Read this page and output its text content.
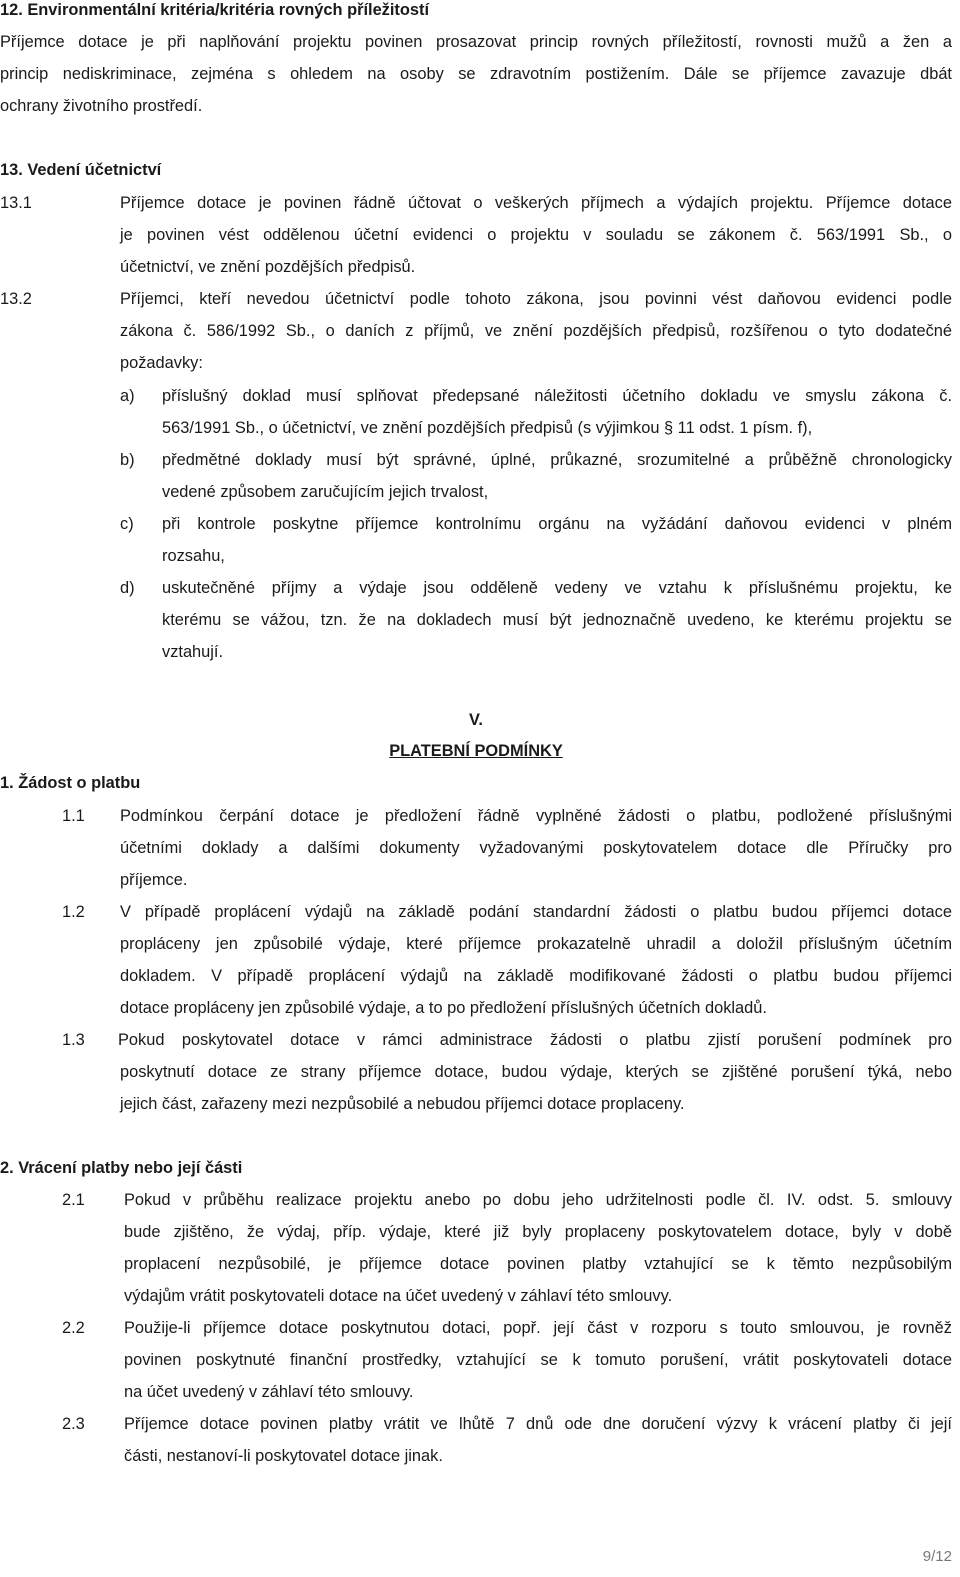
12. Environmentální kritéria/kritéria rovných příležitostí
Příjemce dotace je při naplňování projektu povinen prosazovat princip rovných příležitostí, rovnosti mužů a žen a
princip nediskriminace, zejména s ohledem na osoby se zdravotním postižením. Dále se příjemce zavazuje dbát
ochrany životního prostředí.
13. Vedení účetnictví
13.1	Příjemce dotace je povinen řádně účtovat o veškerých příjmech a výdajích projektu. Příjemce dotace
je povinen vést oddělenou účetní evidenci o projektu v souladu se zákonem č. 563/1991 Sb., o
účetnictví, ve znění pozdějších předpisů.
13.2	Příjemci, kteří nevedou účetnictví podle tohoto zákona, jsou povinni vést daňovou evidenci podle
zákona č. 586/1992 Sb., o daních z příjmů, ve znění pozdějších předpisů, rozšířenou o tyto dodatečné
požadavky:
a) příslušný doklad musí splňovat předepsané náležitosti účetního dokladu ve smyslu zákona č.
563/1991 Sb., o účetnictví, ve znění pozdějších předpisů (s výjimkou § 11 odst. 1 písm. f),
b) předmětné doklady musí být správné, úplné, průkazné, srozumitelné a průběžně chronologicky
vedené způsobem zaručujícím jejich trvalost,
c) při kontrole poskytne příjemce kontrolnímu orgánu na vyžádání daňovou evidenci v plném
rozsahu,
d) uskutečněné příjmy a výdaje jsou odděleně vedeny ve vztahu k příslušnému projektu, ke
kterému se vážou, tzn. že na dokladech musí být jednoznačně uvedeno, ke kterému projektu se
vztahují.
V.
PLATEBNÍ PODMÍNKY
1. Žádost o platbu
1.1 Podmínkou čerpání dotace je předložení řádně vyplněné žádosti o platbu, podložené příslušnými
účetními doklady a dalšími dokumenty vyžadovanými poskytovatelem dotace dle Příručky pro
příjemce.
1.2 V případě proplácení výdajů na základě podání standardní žádosti o platbu budou příjemci dotace
propláceny jen způsobilé výdaje, které příjemce prokazatelně uhradil a doložil příslušným účetním
dokladem. V případě proplácení výdajů na základě modifikované žádosti o platbu budou příjemci
dotace propláceny jen způsobilé výdaje, a to po předložení příslušných účetních dokladů.
1.3 Pokud poskytovatel dotace v rámci administrace žádosti o platbu zjistí porušení podmínek pro
poskytnutí dotace ze strany příjemce dotace, budou výdaje, kterých se zjištěné porušení týká, nebo
jejich část, zařazeny mezi nezpůsobilé a nebudou příjemci dotace proplaceny.
2. Vrácení platby nebo její části
2.1 Pokud v průběhu realizace projektu anebo po dobu jeho udržitelnosti podle čl. IV. odst. 5. smlouvy
bude zjištěno, že výdaj, příp. výdaje, které již byly proplaceny poskytovatelem dotace, byly v době
proplacení nezpůsobilé, je příjemce dotace povinen platby vztahující se k těmto nezpůsobilým
výdajům vrátit poskytovateli dotace na účet uvedený v záhlaví této smlouvy.
2.2 Použije-li příjemce dotace poskytnutou dotaci, popř. její část v rozporu s touto smlouvou, je rovněž
povinen poskytnuté finanční prostředky, vztahující se k tomuto porušení, vrátit poskytovateli dotace
na účet uvedený v záhlaví této smlouvy.
2.3 Příjemce dotace povinen platby vrátit ve lhůtě 7 dnů ode dne doručení výzvy k vrácení platby či její
části, nestanoví-li poskytovatel dotace jinak.
9/12
